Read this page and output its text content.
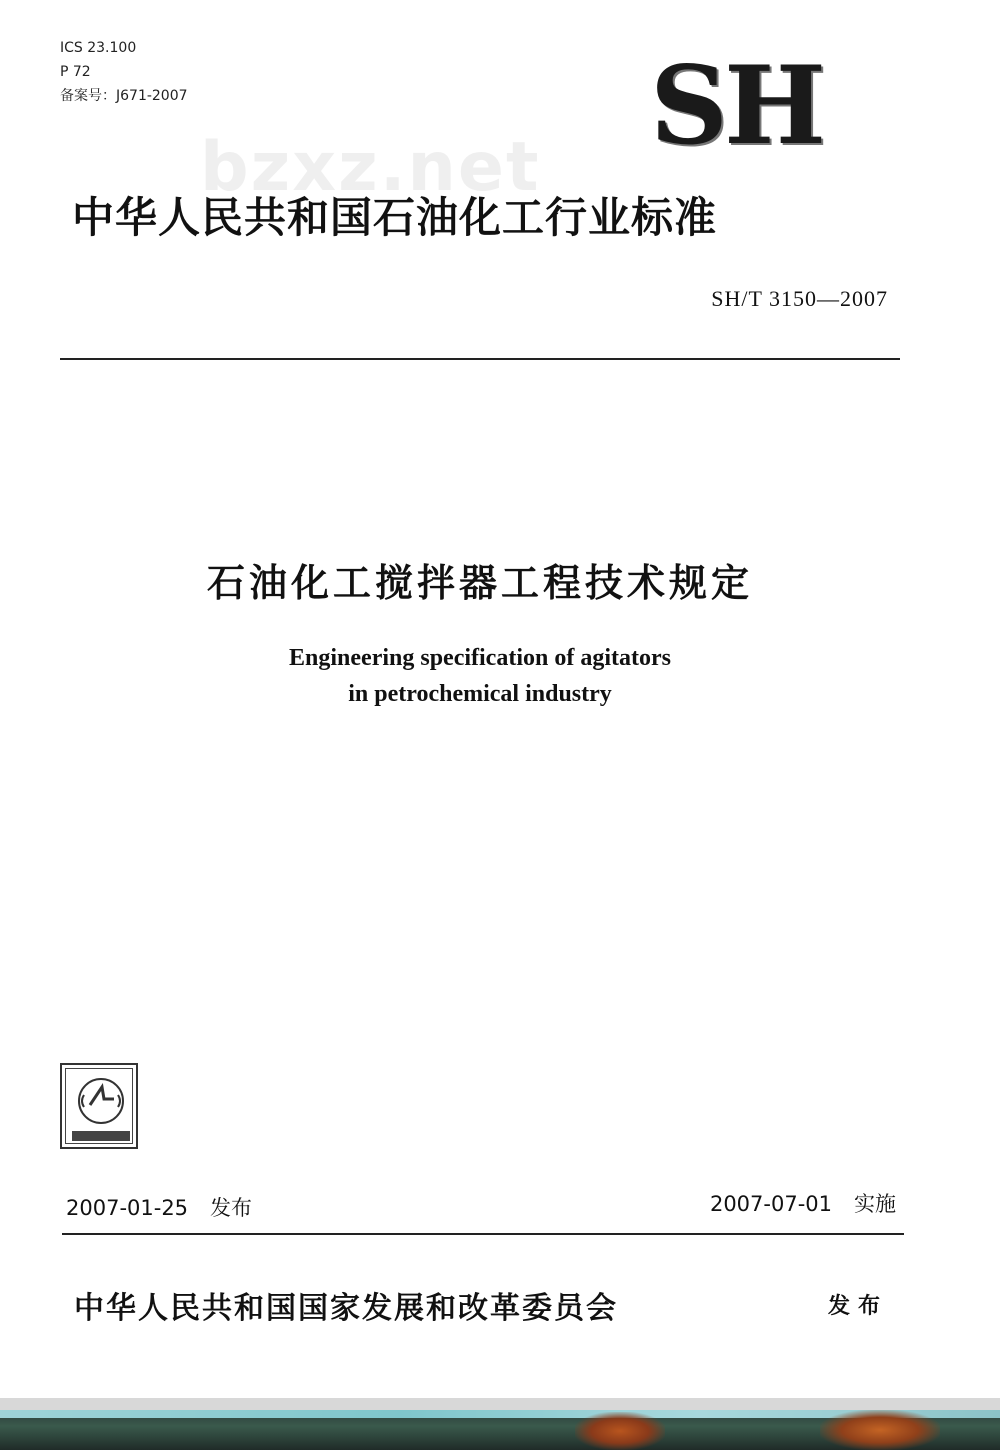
ICS 23.100
P 72
备案号：J671-2007	SH
bzxz.net
中华人民共和国石油化工行业标准
SH/T 3150—2007
石油化工搅拌器工程技术规定
Engineering specification of agitators
in petrochemical industry
2007-01-25 发布	2007-07-01 实施
中华人民共和国国家发展和改革委员会	发布
